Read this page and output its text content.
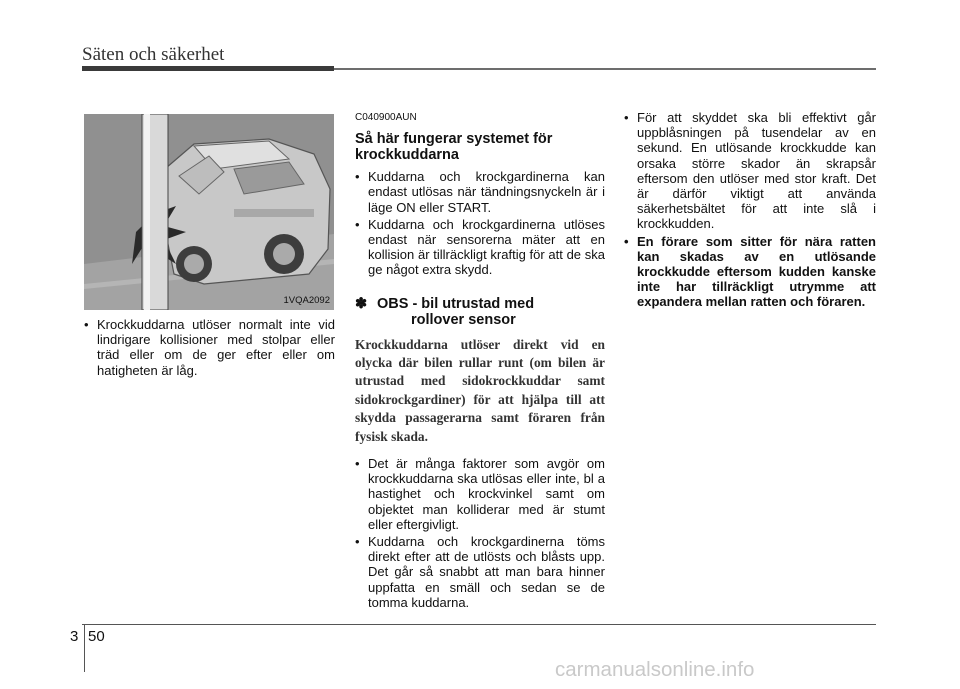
Säten och säkerhet
1VQA2092
• Krockkuddarna utlöser normalt inte vid lindrigare kollisioner med stolpar eller träd eller om de ger efter eller om hatigheten är låg.
C040900AUN
Så här fungerar systemet för krockkuddarna
• Kuddarna och krockgardinerna kan endast utlösas när tändningsnyckeln är i läge ON eller START.
• Kuddarna och krockgardinerna utlöses endast när sensorerna mäter att en kollision är tillräckligt kraftig för att de ska ge något extra skydd.
✽ OBS - bil utrustad med
rollover sensor
Krockkuddarna utlöser direkt vid en olycka där bilen rullar runt (om bilen är utrustad med sidokrockkuddar samt sidokrockgardiner) för att hjälpa till att skydda passagerarna samt föraren från fysisk skada.
• Det är många faktorer som avgör om krockkuddarna ska utlösas eller inte, bl a hastighet och krockvinkel samt om objektet man kolliderar med är stumt eller eftergivligt.
• Kuddarna och krockgardinerna töms direkt efter att de utlösts och blåsts upp. Det går så snabbt att man bara hinner uppfatta en smäll och sedan se de tomma kuddarna.
• För att skyddet ska bli effektivt går uppblåsningen på tusendelar av en sekund. En utlösande krockkudde kan orsaka större skador än skrapsår eftersom den utlöser med stor kraft. Det är därför viktigt att använda säkerhetsbältet för att inte slå i krockkudden.
• En förare som sitter för nära ratten kan skadas av en utlösande krockkudde eftersom kudden kanske inte har tillräckligt utrymme att expandera mellan ratten och föraren.
3 50
carmanualsonline.info
